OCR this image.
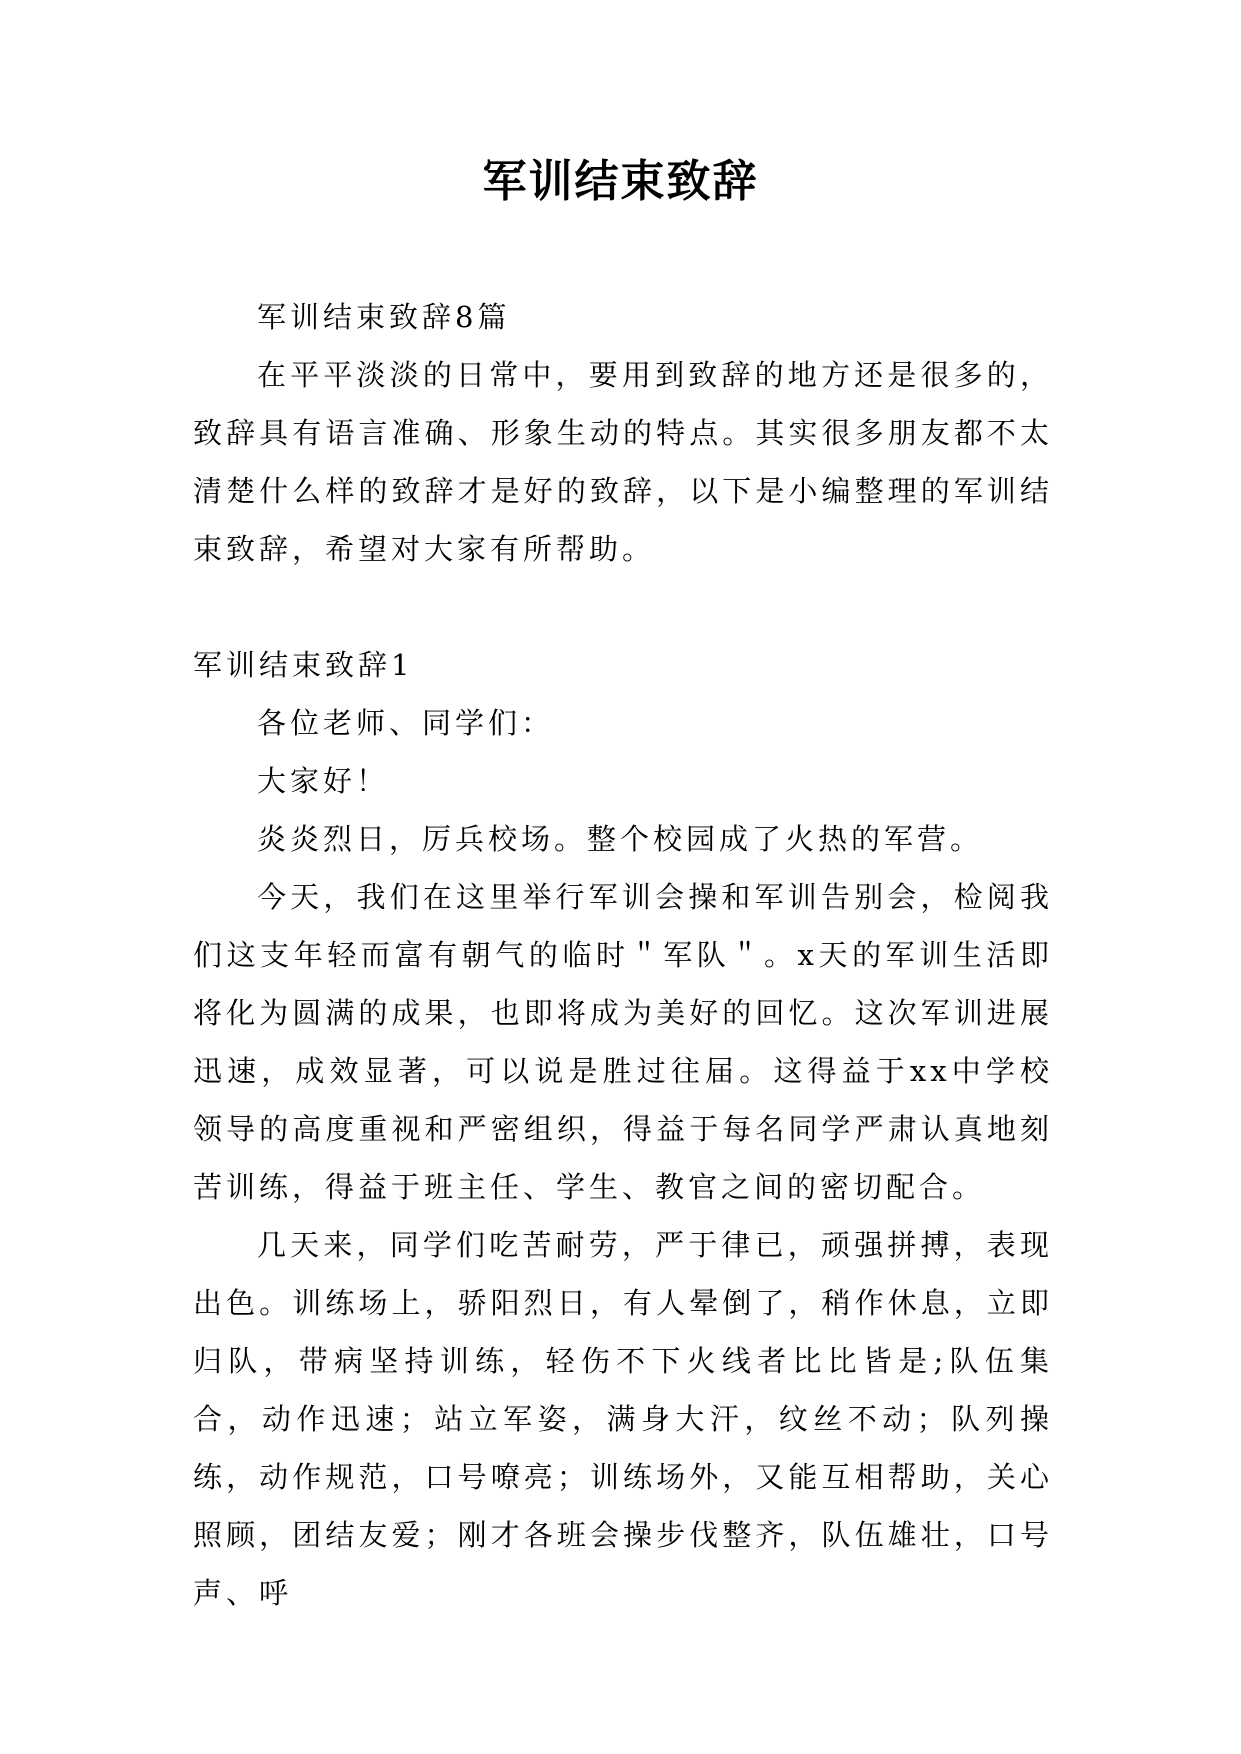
军训结束致辞

军训结束致辞8篇

在平平淡淡的日常中，要用到致辞的地方还是很多的，致辞具有语言准确、形象生动的特点。其实很多朋友都不太清楚什么样的致辞才是好的致辞，以下是小编整理的军训结束致辞，希望对大家有所帮助。

军训结束致辞1

各位老师、同学们：

大家好！

炎炎烈日，厉兵校场。整个校园成了火热的军营。

今天，我们在这里举行军训会操和军训告别会，检阅我们这支年轻而富有朝气的临时＂军队＂。x天的军训生活即将化为圆满的成果，也即将成为美好的回忆。这次军训进展迅速，成效显著，可以说是胜过往届。这得益于xx中学校领导的高度重视和严密组织，得益于每名同学严肃认真地刻苦训练，得益于班主任、学生、教官之间的密切配合。

几天来，同学们吃苦耐劳，严于律已，顽强拼搏，表现出色。训练场上，骄阳烈日，有人晕倒了，稍作休息，立即归队，带病坚持训练，轻伤不下火线者比比皆是;队伍集合，动作迅速；站立军姿，满身大汗，纹丝不动；队列操练，动作规范，口号嘹亮；训练场外，又能互相帮助，关心照顾，团结友爱；刚才各班会操步伐整齐，队伍雄壮，口号声、呼
